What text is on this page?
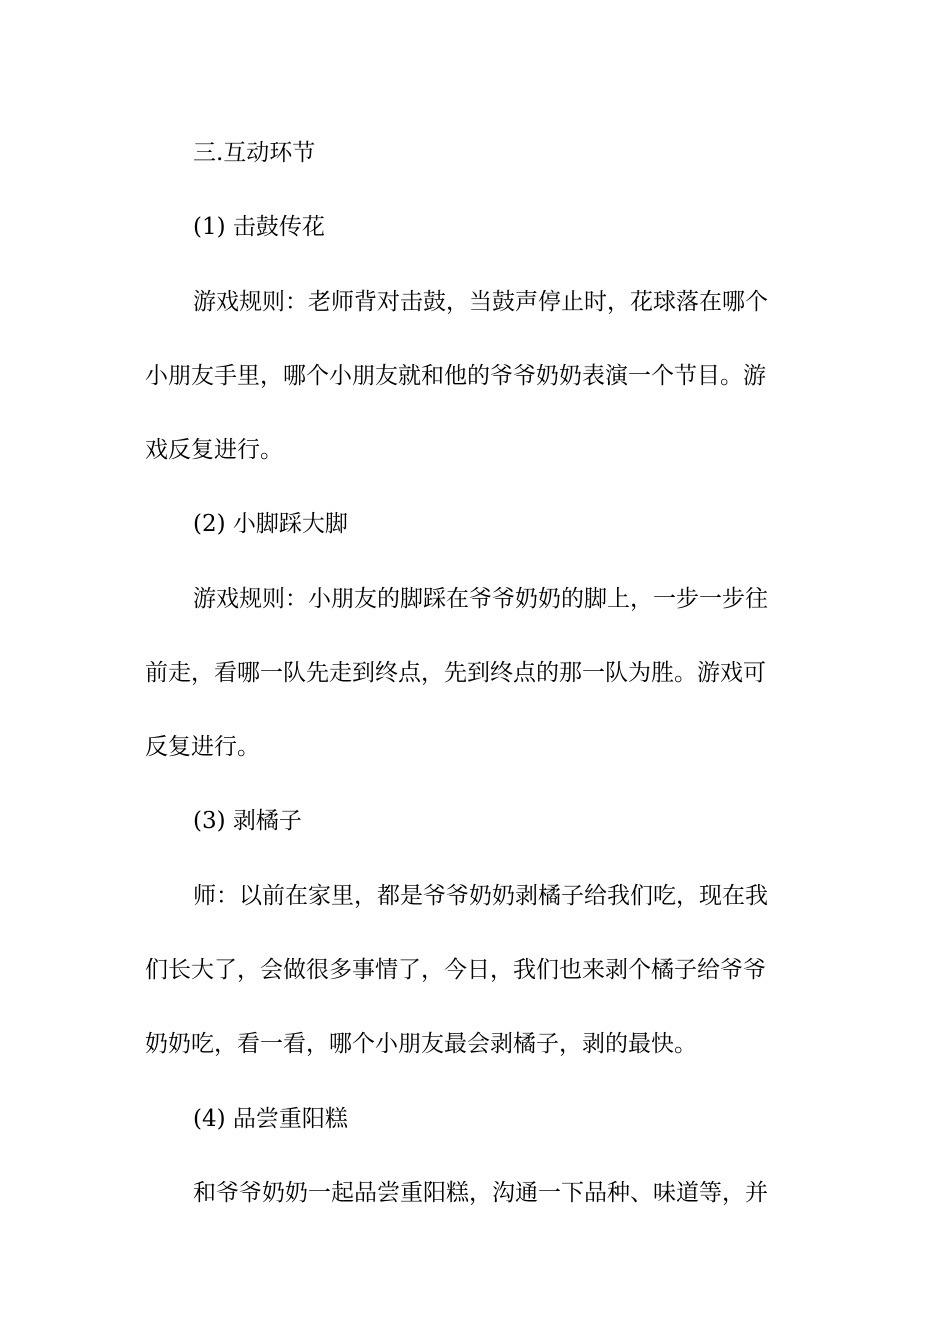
三.互动环节
(1) 击鼓传花
游戏规则：老师背对击鼓，当鼓声停止时，花球落在哪个
小朋友手里，哪个小朋友就和他的爷爷奶奶表演一个节目。游
戏反复进行。
(2) 小脚踩大脚
游戏规则：小朋友的脚踩在爷爷奶奶的脚上，一步一步往
前走，看哪一队先走到终点，先到终点的那一队为胜。游戏可
反复进行。
(3) 剥橘子
师：以前在家里，都是爷爷奶奶剥橘子给我们吃，现在我
们长大了，会做很多事情了，今日，我们也来剥个橘子给爷爷
奶奶吃，看一看，哪个小朋友最会剥橘子，剥的最快。
(4) 品尝重阳糕
和爷爷奶奶一起品尝重阳糕，沟通一下品种、味道等，并
